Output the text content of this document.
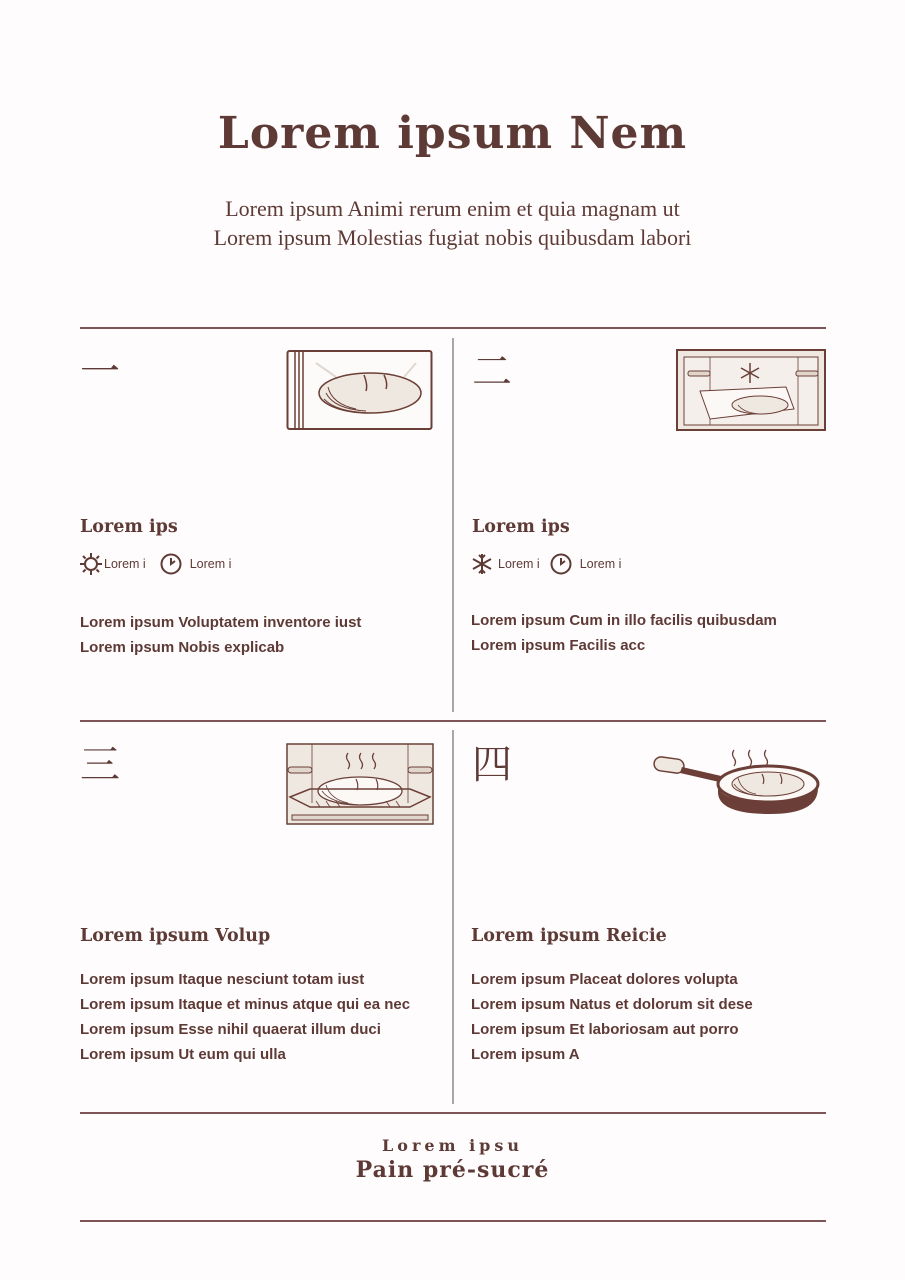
Lorem ipsum Nem
Lorem ipsum Animi rerum enim et quia magnam ut
Lorem ipsum Molestias fugiat nobis quibusdam labori
一
Lorem ips
Lorem i	Lorem i
Lorem ipsum Voluptatem inventore iust
Lorem ipsum Nobis explicab
二
Lorem ips
Lorem i	Lorem i
Lorem ipsum Cum in illo facilis quibusdam
Lorem ipsum Facilis acc
三
Lorem ipsum Volup
Lorem ipsum Itaque nesciunt totam iust
Lorem ipsum Itaque et minus atque qui ea nec
Lorem ipsum Esse nihil quaerat illum duci
Lorem ipsum Ut eum qui ulla
四
Lorem ipsum Reicie
Lorem ipsum Placeat dolores volupta
Lorem ipsum Natus et dolorum sit dese
Lorem ipsum Et laboriosam aut porro
Lorem ipsum A
Lorem ipsu
Pain pré-sucré
